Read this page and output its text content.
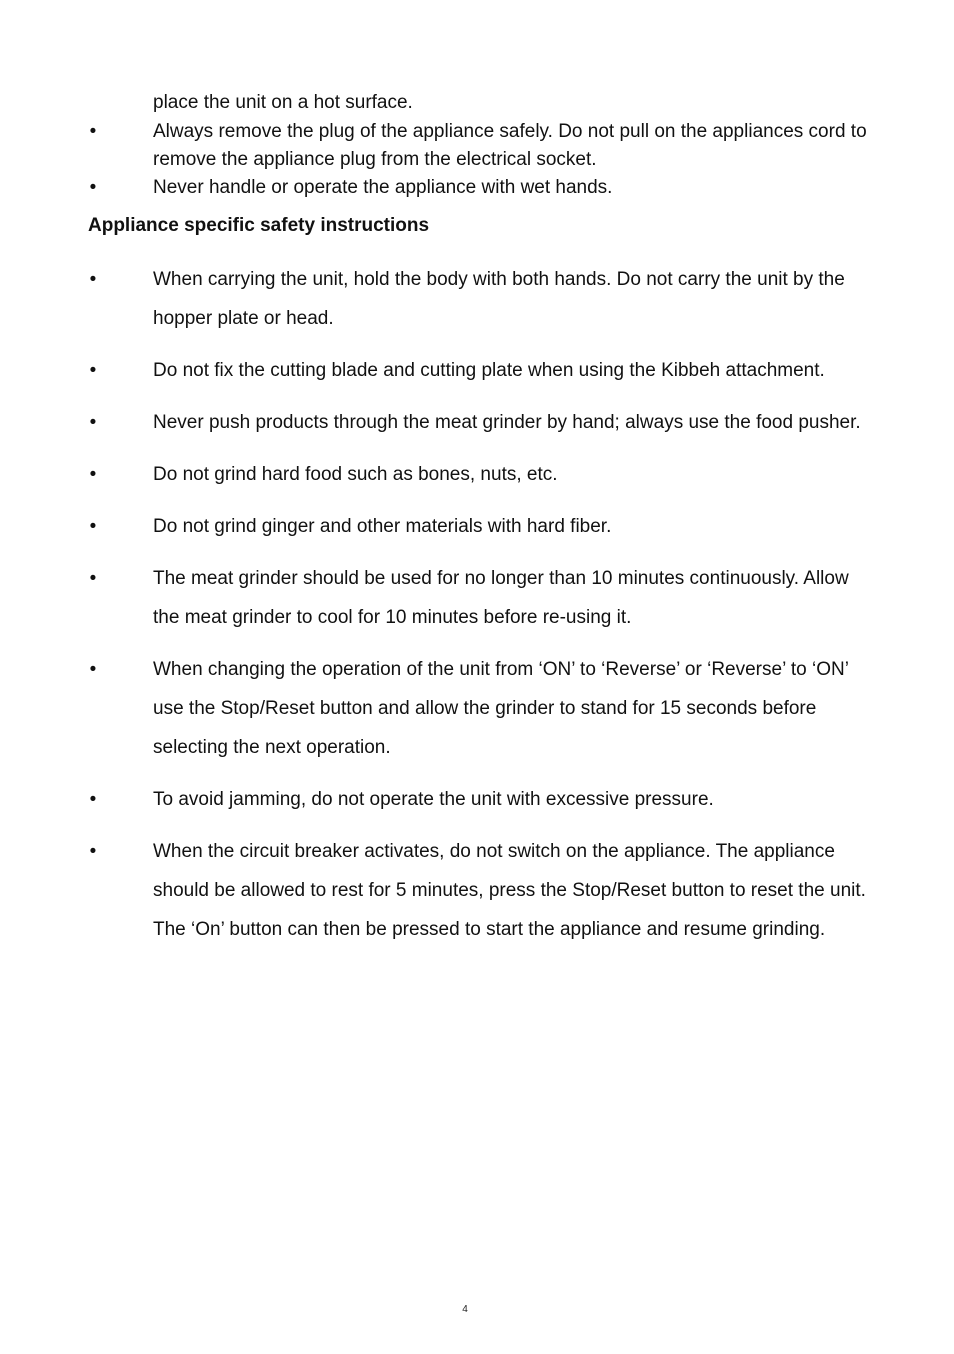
place the unit on a hot surface.

•	Always remove the plug of the appliance safely. Do not pull on the appliances cord to remove the appliance plug from the electrical socket.
•	Never handle or operate the appliance with wet hands.
Appliance specific safety instructions
•	When carrying the unit, hold the body with both hands. Do not carry the unit by the hopper plate or head.
•	Do not fix the cutting blade and cutting plate when using the Kibbeh attachment.
•	Never push products through the meat grinder by hand; always use the food pusher.
•	Do not grind hard food such as bones, nuts, etc.
•	Do not grind ginger and other materials with hard fiber.
•	The meat grinder should be used for no longer than 10 minutes continuously. Allow the meat grinder to cool for 10 minutes before re-using it.
•	When changing the operation of the unit from ‘ON’ to ‘Reverse’ or ‘Reverse’ to ‘ON’ use the Stop/Reset button and allow the grinder to stand for 15 seconds before selecting the next operation.
•	To avoid jamming, do not operate the unit with excessive pressure.
•	When the circuit breaker activates, do not switch on the appliance. The appliance should be allowed to rest for 5 minutes, press the Stop/Reset button to reset the unit. The ‘On’ button can then be pressed to start the appliance and resume grinding.
4
